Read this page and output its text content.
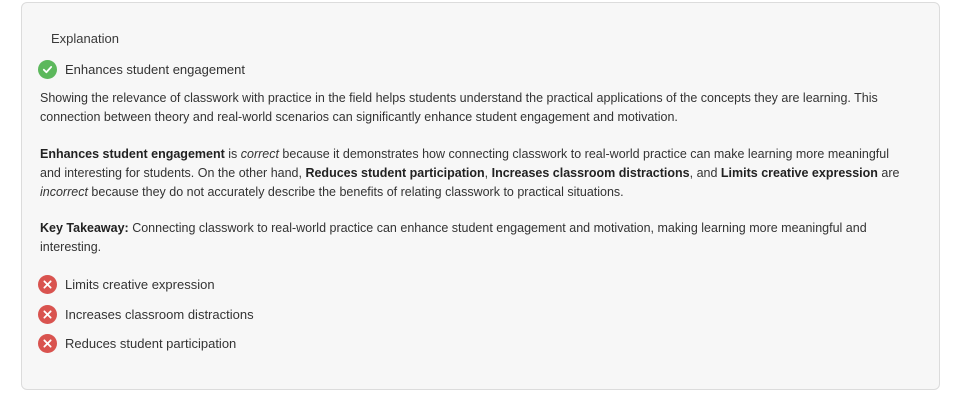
Explanation
Enhances student engagement

Showing the relevance of classwork with practice in the field helps students understand the practical applications of the concepts they are learning. This connection between theory and real-world scenarios can significantly enhance student engagement and motivation.

Enhances student engagement is correct because it demonstrates how connecting classwork to real-world practice can make learning more meaningful and interesting for students. On the other hand, Reduces student participation, Increases classroom distractions, and Limits creative expression are incorrect because they do not accurately describe the benefits of relating classwork to practical situations.

Key Takeaway: Connecting classwork to real-world practice can enhance student engagement and motivation, making learning more meaningful and interesting.

Limits creative expression
Increases classroom distractions
Reduces student participation
